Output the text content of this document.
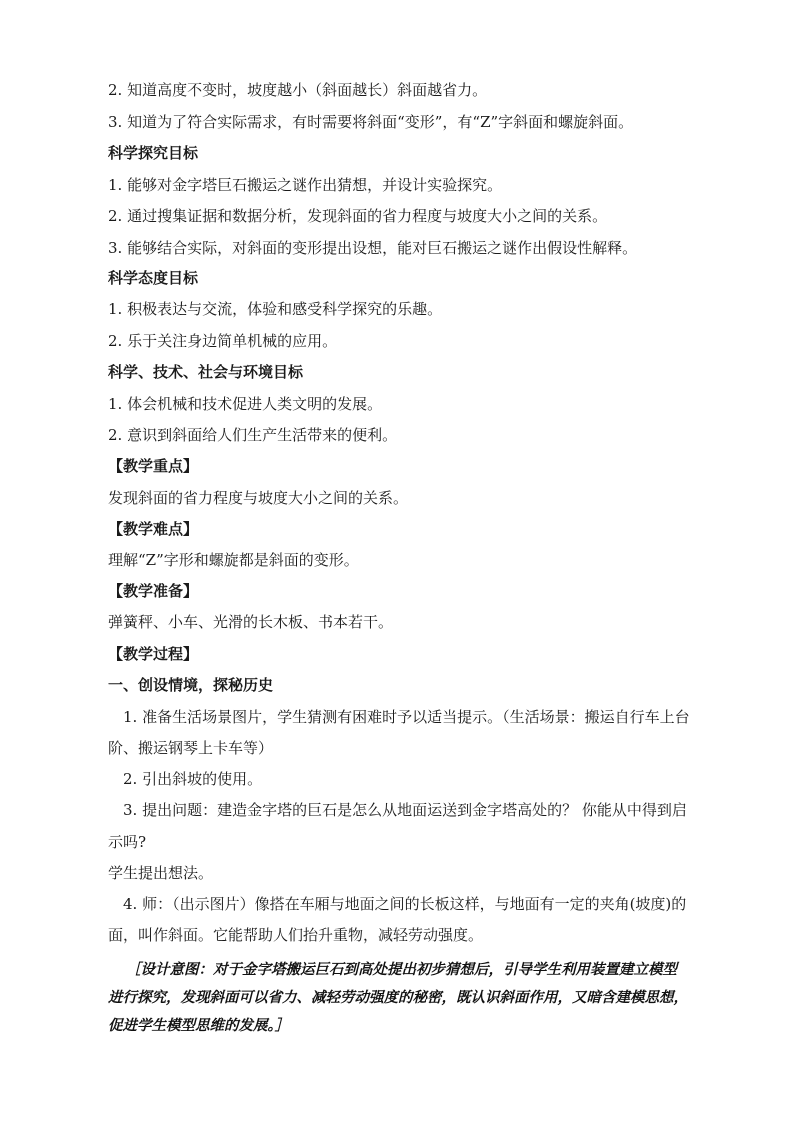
2. 知道高度不变时，坡度越小（斜面越长）斜面越省力。
3. 知道为了符合实际需求，有时需要将斜面“变形”，有“Z”字斜面和螺旋斜面。
科学探究目标
1. 能够对金字塔巨石搬运之谜作出猜想，并设计实验探究。
2. 通过搜集证据和数据分析，发现斜面的省力程度与坡度大小之间的关系。
3. 能够结合实际，对斜面的变形提出设想，能对巨石搬运之谜作出假设性解释。
科学态度目标
1. 积极表达与交流，体验和感受科学探究的乐趣。
2. 乐于关注身边简单机械的应用。
科学、技术、社会与环境目标
1. 体会机械和技术促进人类文明的发展。
2. 意识到斜面给人们生产生活带来的便利。
【教学重点】
发现斜面的省力程度与坡度大小之间的关系。
【教学难点】
理解“Z”字形和螺旋都是斜面的变形。
【教学准备】
弹簧秤、小车、光滑的长木板、书本若干。
【教学过程】
一、创设情境，探秘历史
1. 准备生活场景图片，学生猜测有困难时予以适当提示。（生活场景：搬运自行车上台
阶、搬运钢琴上卡车等）
2. 引出斜坡的使用。
3. 提出问题：建造金字塔的巨石是怎么从地面运送到金字塔高处的？ 你能从中得到启
示吗?
学生提出想法。
4. 师：（出示图片）像搭在车厢与地面之间的长板这样，与地面有一定的夹角(坡度)的
面，叫作斜面。它能帮助人们抬升重物，减轻劳动强度。
［设计意图：对于金字塔搬运巨石到高处提出初步猜想后，引导学生利用装置建立模型
进行探究，发现斜面可以省力、减轻劳动强度的秘密，既认识斜面作用，又暗含建模思想，
促进学生模型思维的发展。］
